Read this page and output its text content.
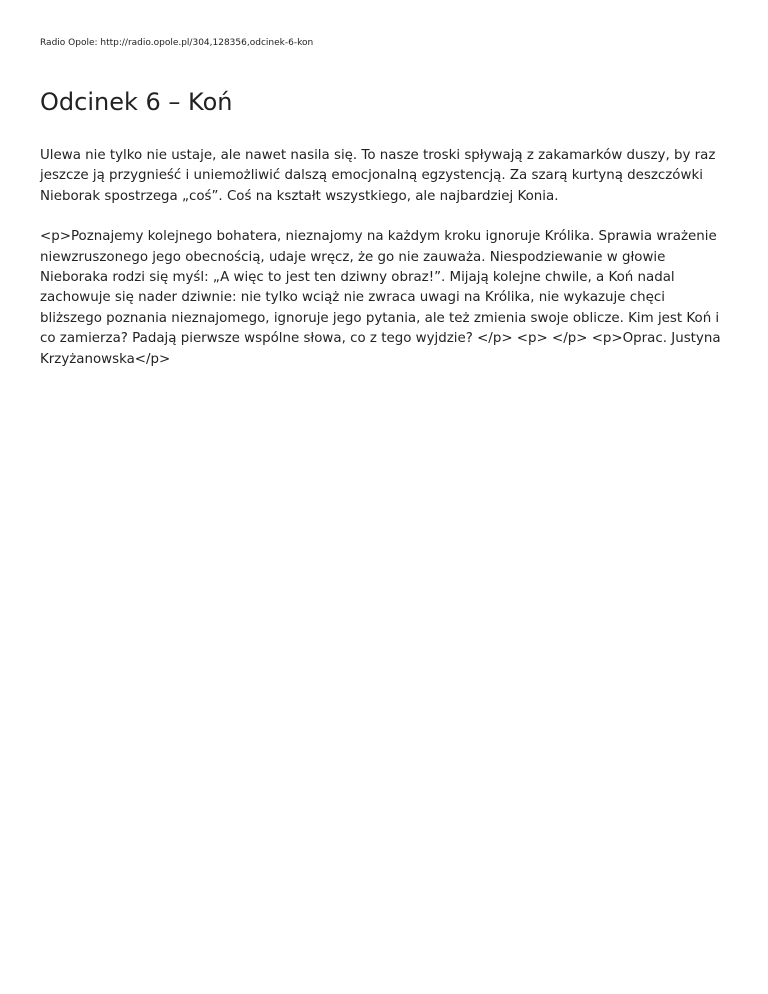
Radio Opole: http://radio.opole.pl/304,128356,odcinek-6-kon
Odcinek 6 – Koń

Ulewa nie tylko nie ustaje, ale nawet nasila się. To nasze troski spływają z zakamarków duszy, by raz jeszcze ją przygnieść i uniemożliwić dalszą emocjonalną egzystencją. Za szarą kurtyną deszczówki Nieborak spostrzega „coś”. Coś na kształt wszystkiego, ale najbardziej Konia.

<p>Poznajemy kolejnego bohatera, nieznajomy na każdym kroku ignoruje Królika. Sprawia wrażenie niewzruszonego jego obecnością, udaje wręcz, że go nie zauważa. Niespodziewanie w głowie Nieboraka rodzi się myśl: „A więc to jest ten dziwny obraz!”. Mijają kolejne chwile, a Koń nadal zachowuje się nader dziwnie: nie tylko wciąż nie zwraca uwagi na Królika, nie wykazuje chęci bliższego poznania nieznajomego, ignoruje jego pytania, ale też zmienia swoje oblicze. Kim jest Koń i co zamierza? Padają pierwsze wspólne słowa, co z tego wyjdzie? </p> <p> </p> <p>Oprac. Justyna Krzyżanowska</p>
